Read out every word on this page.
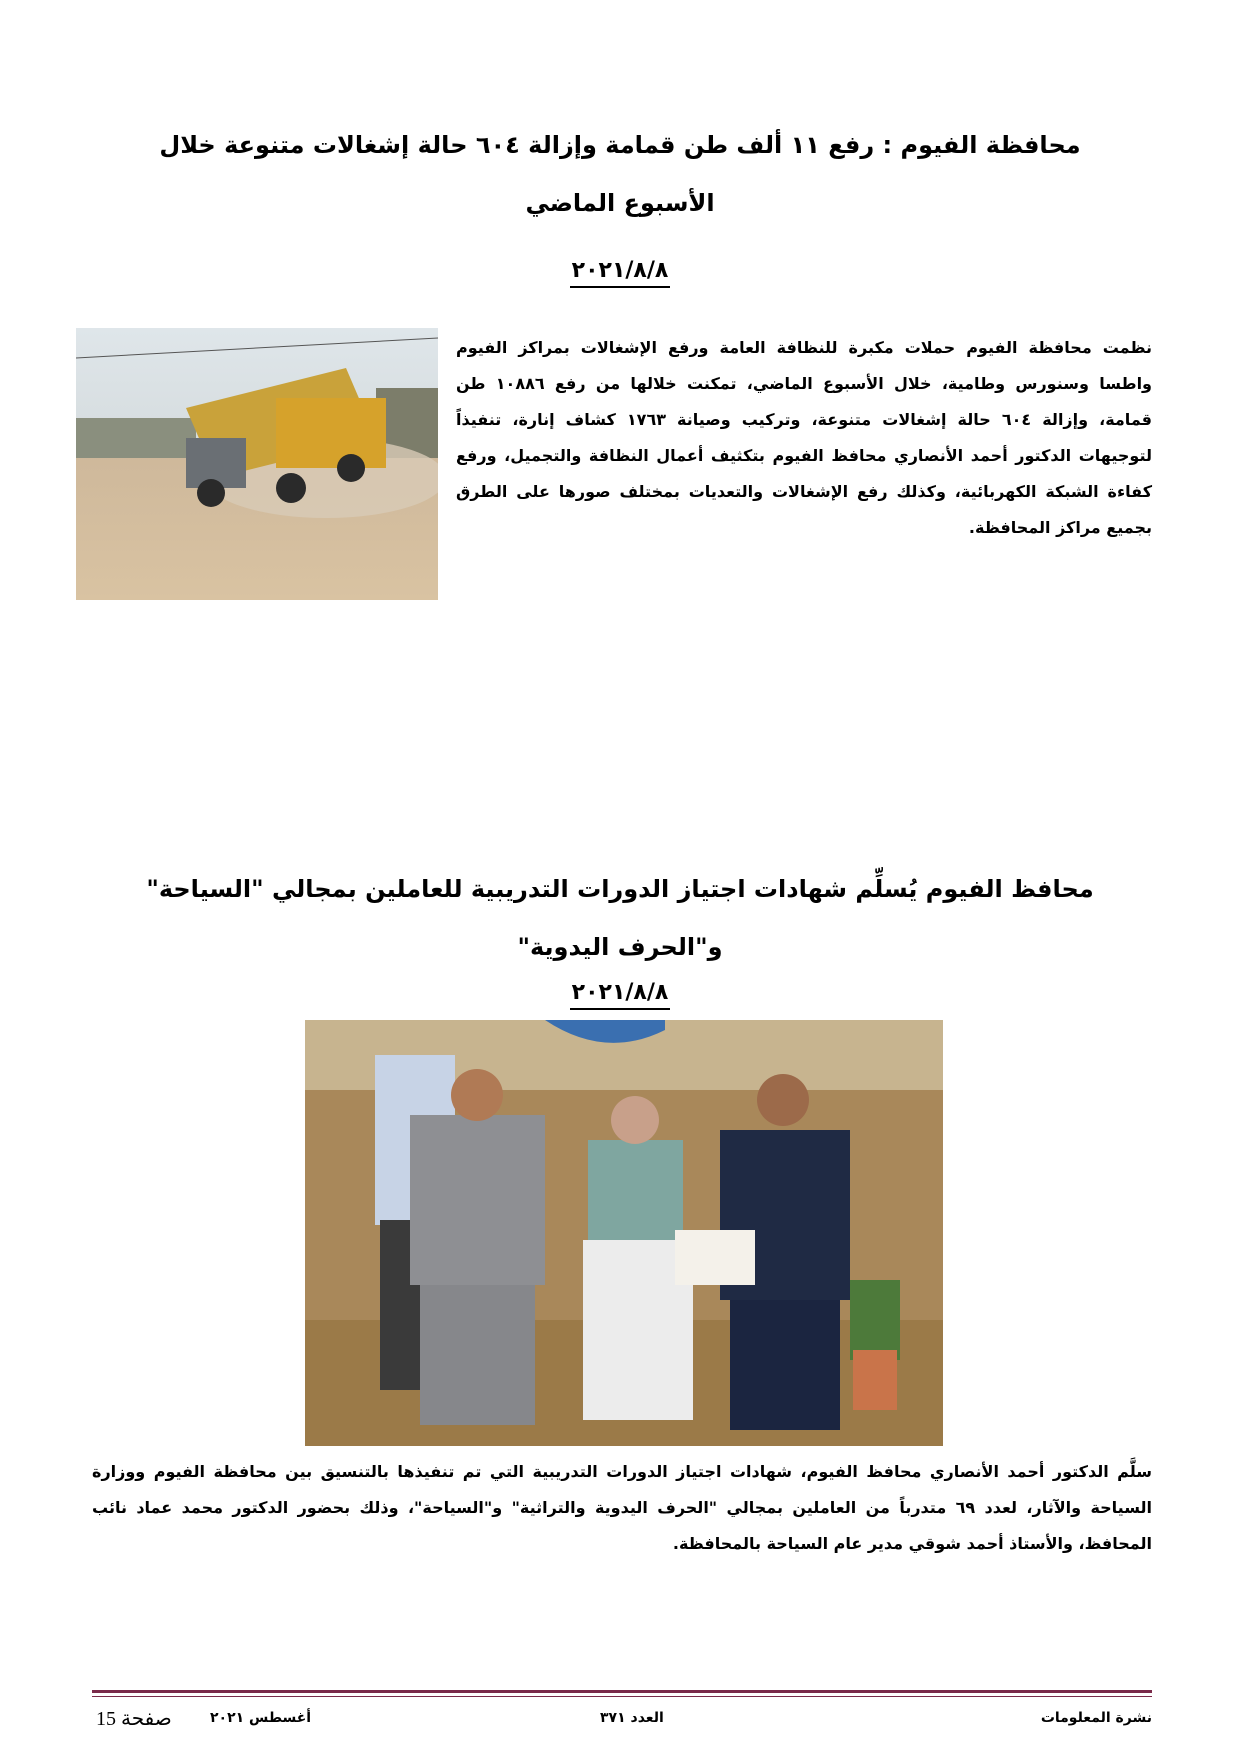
محافظة الفيوم : رفع ١١ ألف طن قمامة وإزالة ٦٠٤ حالة إشغالات متنوعة خلال الأسبوع الماضي
٢٠٢١/٨/٨
نظمت محافظة الفيوم حملات مكبرة للنظافة العامة ورفع الإشغالات بمراكز الفيوم واطسا وسنورس وطامية، خلال الأسبوع الماضي، تمكنت خلالها من رفع ١٠٨٨٦ طن قمامة، وإزالة ٦٠٤ حالة إشغالات متنوعة، وتركيب وصيانة ١٧٦٣ كشاف إنارة، تنفيذاً لتوجيهات الدكتور أحمد الأنصاري محافظ الفيوم بتكثيف أعمال النظافة والتجميل، ورفع كفاءة الشبكة الكهربائية، وكذلك رفع الإشغالات والتعديات بمختلف صورها على الطرق بجميع مراكز المحافظة.
محافظ الفيوم يُسلِّم شهادات اجتياز الدورات التدريبية للعاملين بمجالي "السياحة" و"الحرف اليدوية"
٢٠٢١/٨/٨
سلَّم الدكتور أحمد الأنصاري محافظ الفيوم، شهادات اجتياز الدورات التدريبية التي تم تنفيذها بالتنسيق بين محافظة الفيوم ووزارة السياحة والآثار، لعدد ٦٩ متدرباً من العاملين بمجالي "الحرف اليدوية والتراثية" و"السياحة"، وذلك بحضور الدكتور محمد عماد نائب المحافظ، والأستاذ أحمد شوقي مدير عام السياحة بالمحافظة.
نشرة المعلومات
العدد ٣٧١
أغسطس ٢٠٢١
صفحة 15
